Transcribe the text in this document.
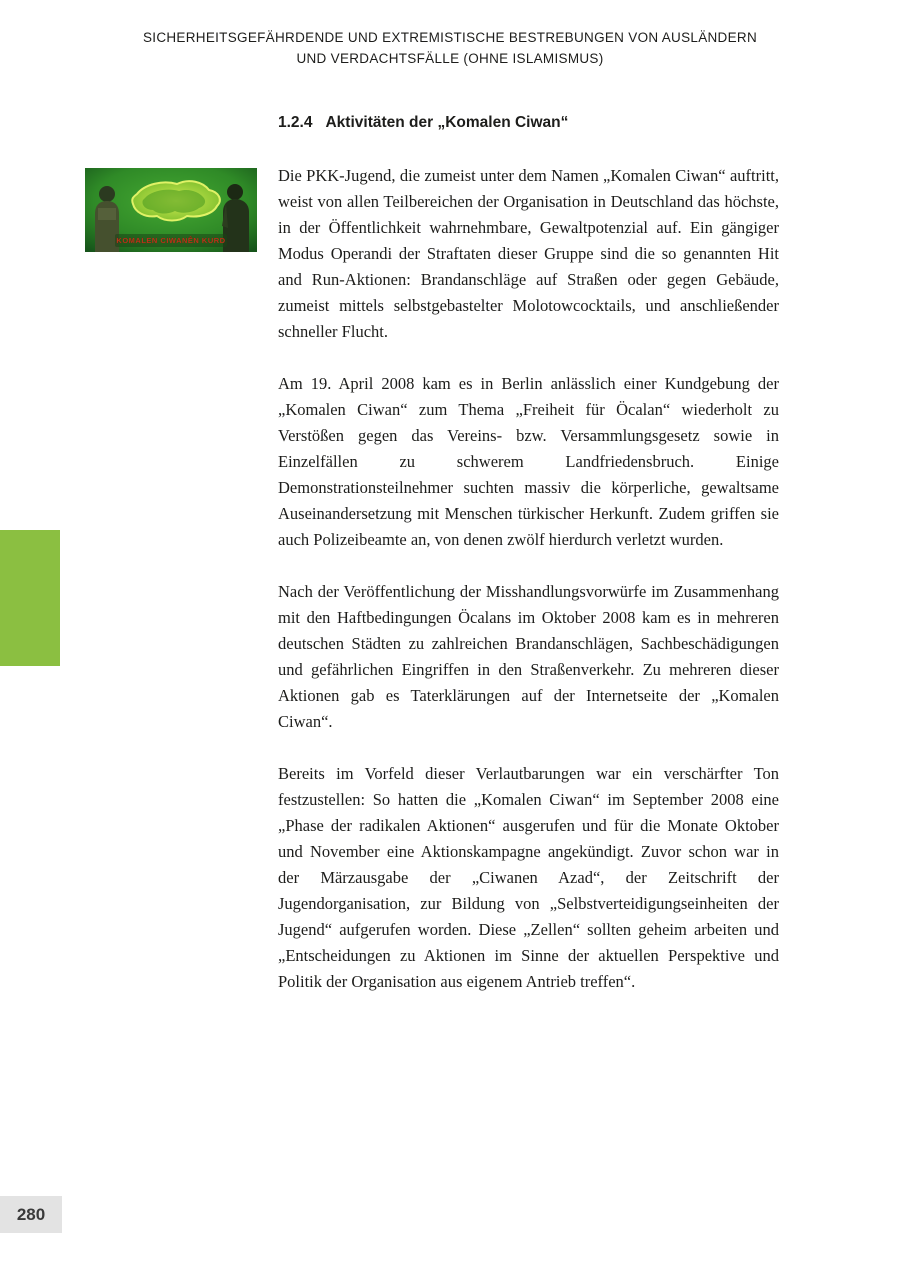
SICHERHEITSGEFÄHRDENDE UND EXTREMISTISCHE BESTREBUNGEN VON AUSLÄNDERN
UND VERDACHTSFÄLLE (OHNE ISLAMISMUS)
1.2.4 Aktivitäten der „Komalen Ciwan“
KOMALEN CIWANÊN KURD

Die PKK-Jugend, die zumeist unter dem Namen „Komalen Ciwan“ auftritt, weist von allen Teilbereichen der Organisation in Deutschland das höchste, in der Öffentlichkeit wahrnehmbare, Gewaltpotenzial auf. Ein gängiger Modus Operandi der Straftaten dieser Gruppe sind die so genannten Hit and Run-Aktionen: Brandanschläge auf Straßen oder gegen Gebäude, zumeist mittels selbstgebastelter Molotowcocktails, und anschließender schneller Flucht.

Am 19. April 2008 kam es in Berlin anlässlich einer Kundgebung der „Komalen Ciwan“ zum Thema „Freiheit für Öcalan“ wiederholt zu Verstößen gegen das Vereins- bzw. Versammlungsgesetz sowie in Einzelfällen zu schwerem Landfriedensbruch. Einige Demonstrationsteilnehmer suchten massiv die körperliche, gewaltsame Auseinandersetzung mit Menschen türkischer Herkunft. Zudem griffen sie auch Polizeibeamte an, von denen zwölf hierdurch verletzt wurden.

Nach der Veröffentlichung der Misshandlungsvorwürfe im Zusammenhang mit den Haftbedingungen Öcalans im Oktober 2008 kam es in mehreren deutschen Städten zu zahlreichen Brandanschlägen, Sachbeschädigungen und gefährlichen Eingriffen in den Straßenverkehr. Zu mehreren dieser Aktionen gab es Taterklärungen auf der Internetseite der „Komalen Ciwan“.

Bereits im Vorfeld dieser Verlautbarungen war ein verschärfter Ton festzustellen: So hatten die „Komalen Ciwan“ im September 2008 eine „Phase der radikalen Aktionen“ ausgerufen und für die Monate Oktober und November eine Aktionskampagne angekündigt. Zuvor schon war in der Märzausgabe der „Ciwanen Azad“, der Zeitschrift der Jugendorganisation, zur Bildung von „Selbstverteidigungseinheiten der Jugend“ aufgerufen worden. Diese „Zellen“ sollten geheim arbeiten und „Entscheidungen zu Aktionen im Sinne der aktuellen Perspektive und Politik der Organisation aus eigenem Antrieb treffen“.

280
